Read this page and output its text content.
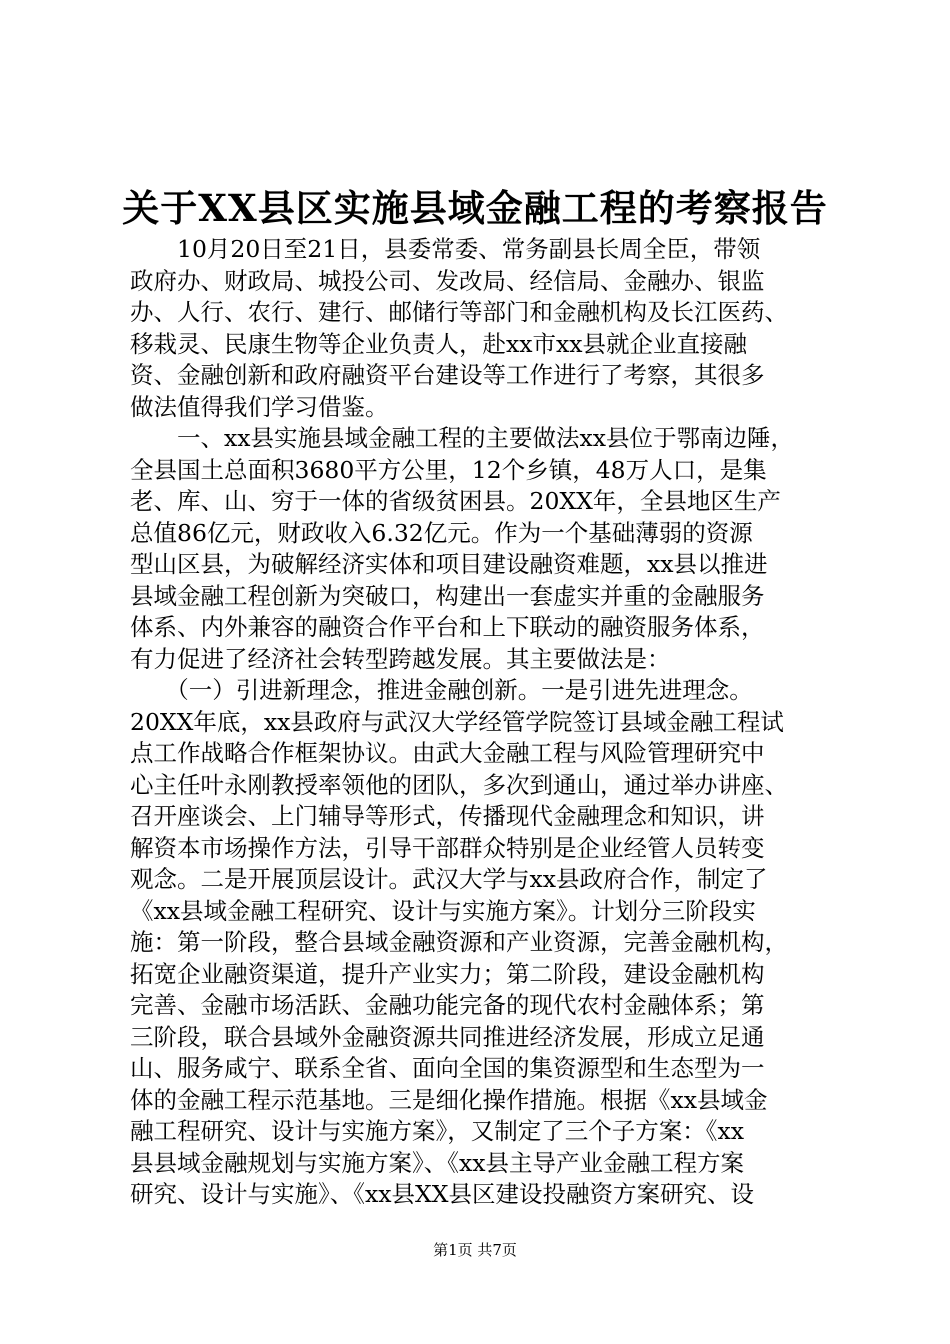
关于XX县区实施县域金融工程的考察报告
　　10月20日至21日，县委常委、常务副县长周全臣，带领
政府办、财政局、城投公司、发改局、经信局、金融办、银监
办、人行、农行、建行、邮储行等部门和金融机构及长江医药、
移栽灵、民康生物等企业负责人，赴xx市xx县就企业直接融
资、金融创新和政府融资平台建设等工作进行了考察，其很多
做法值得我们学习借鉴。
　　一、xx县实施县域金融工程的主要做法xx县位于鄂南边陲，
全县国土总面积3680平方公里，12个乡镇，48万人口，是集
老、库、山、穷于一体的省级贫困县。20XX年，全县地区生产
总值86亿元，财政收入6.32亿元。作为一个基础薄弱的资源
型山区县，为破解经济实体和项目建设融资难题，xx县以推进
县域金融工程创新为突破口，构建出一套虚实并重的金融服务
体系、内外兼容的融资合作平台和上下联动的融资服务体系，
有力促进了经济社会转型跨越发展。其主要做法是：
　　（一）引进新理念，推进金融创新。一是引进先进理念。
20XX年底，xx县政府与武汉大学经管学院签订县域金融工程试
点工作战略合作框架协议。由武大金融工程与风险管理研究中
心主任叶永刚教授率领他的团队，多次到通山，通过举办讲座、
召开座谈会、上门辅导等形式，传播现代金融理念和知识，讲
解资本市场操作方法，引导干部群众特别是企业经管人员转变
观念。二是开展顶层设计。武汉大学与xx县政府合作，制定了
《xx县域金融工程研究、设计与实施方案》。计划分三阶段实
施：第一阶段，整合县域金融资源和产业资源，完善金融机构，
拓宽企业融资渠道，提升产业实力；第二阶段，建设金融机构
完善、金融市场活跃、金融功能完备的现代农村金融体系；第
三阶段，联合县域外金融资源共同推进经济发展，形成立足通
山、服务咸宁、联系全省、面向全国的集资源型和生态型为一
体的金融工程示范基地。三是细化操作措施。根据《xx县域金
融工程研究、设计与实施方案》，又制定了三个子方案：《xx
县县域金融规划与实施方案》、《xx县主导产业金融工程方案
研究、设计与实施》、《xx县XX县区建设投融资方案研究、设
第1页 共7页
